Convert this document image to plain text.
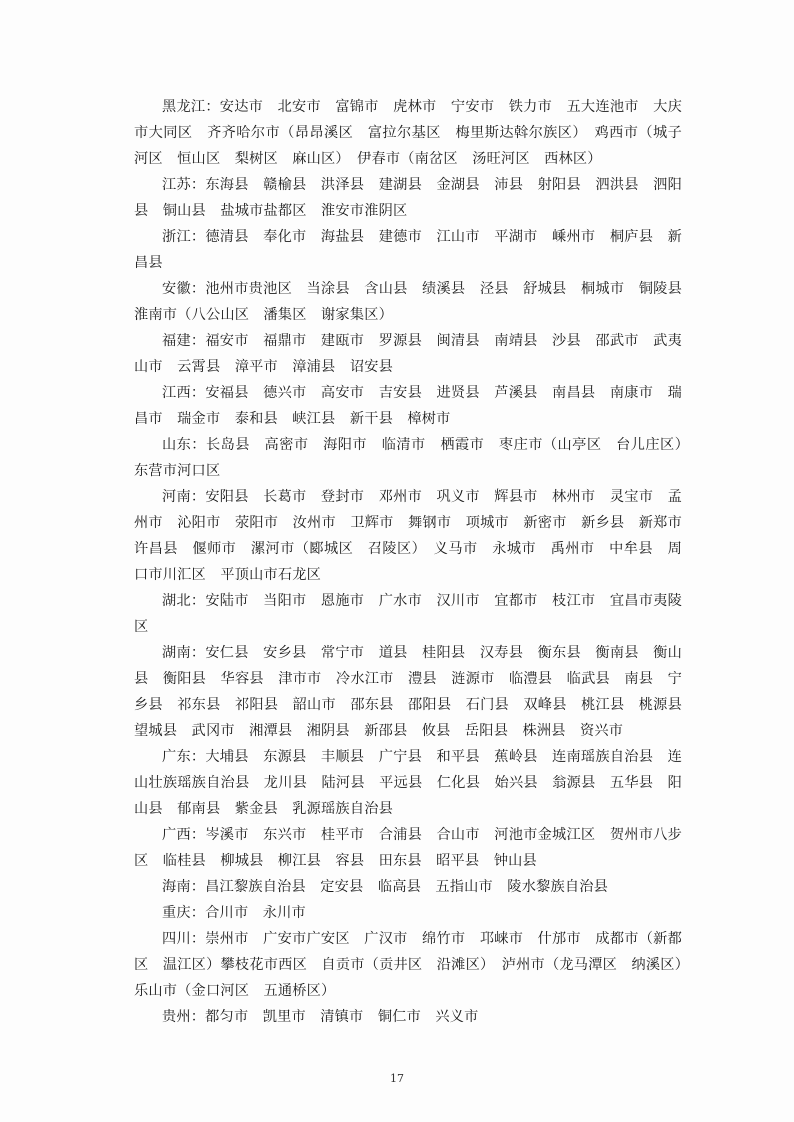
黑龙江：安达市　北安市　富锦市　虎林市　宁安市　铁力市　五大连池市　大庆市大同区　齐齐哈尔市（昂昂溪区　富拉尔基区　梅里斯达斡尔族区）　鸡西市（城子河区　恒山区　梨树区　麻山区）　伊春市（南岔区　汤旺河区　西林区）

江苏：东海县　赣榆县　洪泽县　建湖县　金湖县　沛县　射阳县　泗洪县　泗阳县　铜山县　盐城市盐都区　淮安市淮阴区

浙江：德清县　奉化市　海盐县　建德市　江山市　平湖市　嵊州市　桐庐县　新昌县

安徽：池州市贵池区　当涂县　含山县　绩溪县　泾县　舒城县　桐城市　铜陵县　淮南市（八公山区　潘集区　谢家集区）

福建：福安市　福鼎市　建瓯市　罗源县　闽清县　南靖县　沙县　邵武市　武夷山市　云霄县　漳平市　漳浦县　诏安县

江西：安福县　德兴市　高安市　吉安县　进贤县　芦溪县　南昌县　南康市　瑞昌市　瑞金市　泰和县　峡江县　新干县　樟树市

山东：长岛县　高密市　海阳市　临清市　栖霞市　枣庄市（山亭区　台儿庄区）　东营市河口区

河南：安阳县　长葛市　登封市　邓州市　巩义市　辉县市　林州市　灵宝市　孟州市　沁阳市　荥阳市　汝州市　卫辉市　舞钢市　项城市　新密市　新乡县　新郑市　许昌县　偃师市　漯河市（郾城区　召陵区）　义马市　永城市　禹州市　中牟县　周口市川汇区　平顶山市石龙区

湖北：安陆市　当阳市　恩施市　广水市　汉川市　宜都市　枝江市　宜昌市夷陵区

湖南：安仁县　安乡县　常宁市　道县　桂阳县　汉寿县　衡东县　衡南县　衡山县　衡阳县　华容县　津市市　冷水江市　澧县　涟源市　临澧县　临武县　南县　宁乡县　祁东县　祁阳县　韶山市　邵东县　邵阳县　石门县　双峰县　桃江县　桃源县　望城县　武冈市　湘潭县　湘阴县　新邵县　攸县　岳阳县　株洲县　资兴市

广东：大埔县　东源县　丰顺县　广宁县　和平县　蕉岭县　连南瑶族自治县　连山壮族瑶族自治县　龙川县　陆河县　平远县　仁化县　始兴县　翁源县　五华县　阳山县　郁南县　紫金县　乳源瑶族自治县

广西：岑溪市　东兴市　桂平市　合浦县　合山市　河池市金城江区　贺州市八步区　临桂县　柳城县　柳江县　容县　田东县　昭平县　钟山县

海南：昌江黎族自治县　定安县　临高县　五指山市　陵水黎族自治县

重庆：合川市　永川市

四川：崇州市　广安市广安区　广汉市　绵竹市　邛崃市　什邡市　成都市（新都区　温江区）攀枝花市西区　自贡市（贡井区　沿滩区）　泸州市（龙马潭区　纳溪区）乐山市（金口河区　五通桥区）

贵州：都匀市　凯里市　清镇市　铜仁市　兴义市

17
